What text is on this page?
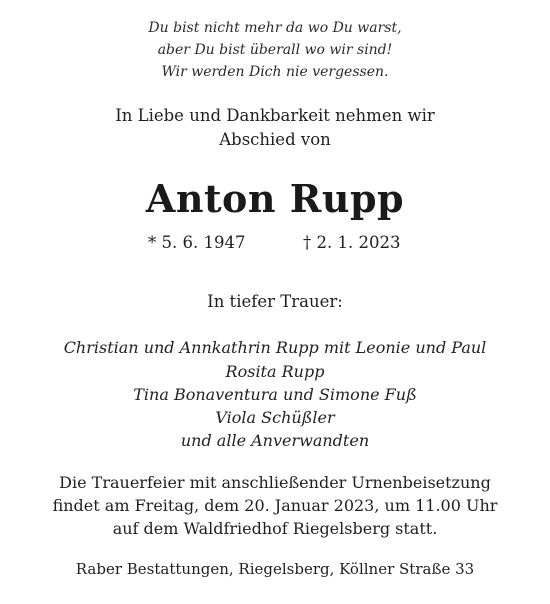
Du bist nicht mehr da wo Du warst,
aber Du bist überall wo wir sind!
Wir werden Dich nie vergessen.
In Liebe und Dankbarkeit nehmen wir
Abschied von
Anton Rupp
* 5. 6. 1947	† 2. 1. 2023
In tiefer Trauer:
Christian und Annkathrin Rupp mit Leonie und Paul
Rosita Rupp
Tina Bonaventura und Simone Fuß
Viola Schüßler
und alle Anverwandten
Die Trauerfeier mit anschließender Urnenbeisetzung
findet am Freitag, dem 20. Januar 2023, um 11.00 Uhr
auf dem Waldfriedhof Riegelsberg statt.
Raber Bestattungen, Riegelsberg, Köllner Straße 33
